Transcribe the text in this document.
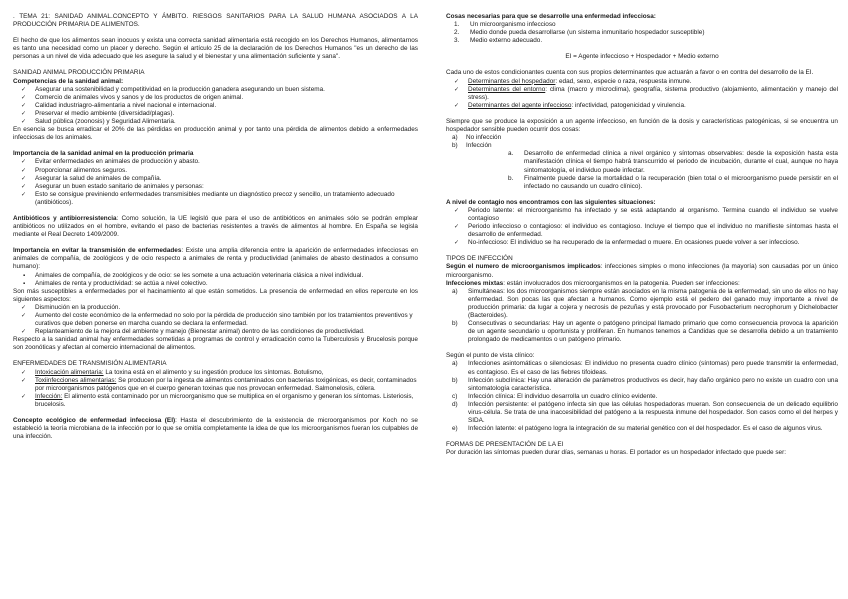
. TEMA 21: SANIDAD ANIMAL.CONCEPTO Y ÁMBITO. RIESGOS SANITARIOS PARA LA SALUD HUMANA ASOCIADOS A LA PRODUCCIÓN PRIMARIA DE ALIMENTOS.

El hecho de que los alimentos sean inocuos y exista una correcta sanidad alimentaria está recogido en los Derechos Humanos, alimentarnos es tanto una necesidad como un placer y derecho. Según el artículo 25 de la declaración de los Derechos Humanos "es un derecho de las personas a un nivel de vida adecuado que les asegure la salud y el bienestar y una alimentación suficiente y sana".

SANIDAD ANIMAL PRODUCCIÓN PRIMARIA

Competencias de la sanidad animal:

✓ Asegurar una sostenibilidad y competitividad en la producción ganadera asegurando un buen sistema.
✓ Comercio de animales vivos y sanos y de los productos de origen animal.
✓ Calidad industriagro-alimentaria a nivel nacional e internacional.
✓ Preservar el medio ambiente (diversidad/plagas).
✓ Salud pública (zoonosis) y Seguridad Alimentaria.

En esencia se busca erradicar el 20% de las pérdidas en producción animal y por tanto una pérdida de alimentos debido a enfermedades infecciosas de los animales.

Importancia de la sanidad animal en la producción primaria

✓ Evitar enfermedades en animales de producción y abasto.
✓ Proporcionar alimentos seguros.
✓ Asegurar la salud de animales de compañía.
✓ Asegurar un buen estado sanitario de animales y personas:
✓ Esto se consigue previniendo enfermedades transmisibles mediante un diagnóstico precoz y sencillo, un tratamiento adecuado (antibióticos).

Antibióticos y antibiorresistencia: Como solución, la UE legisló que para el uso de antibióticos en animales sólo se podrán emplear antibióticos no utilizados en el hombre, evitando el paso de bacterias resistentes a través de alimentos al hombre. En España se legisla mediante el Real Decreto 1409/2009.

Importancia en evitar la transmisión de enfermedades: Existe una amplia diferencia entre la aparición de enfermedades infecciosas en animales de compañía, de zoológicos y de ocio respecto a animales de renta y productividad (animales de abasto destinados a consumo humano):

▪ Animales de compañía, de zoológicos y de ocio: se les somete a una actuación veterinaria clásica a nivel individual.
▪ Animales de renta y productividad: se actúa a nivel colectivo.

Son más susceptibles a enfermedades por el hacinamiento al que están sometidos. La presencia de enfermedad en ellos repercute en los siguientes aspectos:

✓ Disminución en la producción.
✓ Aumento del coste económico de la enfermedad no solo por la pérdida de producción sino también por los tratamientos preventivos y curativos que deben ponerse en marcha cuando se declara la enfermedad.
✓ Replanteamiento de la mejora del ambiente y manejo (Bienestar animal) dentro de las condiciones de productividad.

Respecto a la sanidad animal hay enfermedades sometidas a programas de control y erradicación como la Tuberculosis y Brucelosis porque son zoonóticas y afectan al comercio internacional de alimentos.

ENFERMEDADES DE TRANSMISIÓN ALIMENTARIA

✓ Intoxicación alimentaria: La toxina está en el alimento y su ingestión produce los síntomas. Botulismo,
✓ Toxiinfecciones alimentarias: Se producen por la ingesta de alimentos contaminados con bacterias toxigénicas, es decir, contaminados por microorganismos patógenos que en el cuerpo generan toxinas que nos provocan enfermedad. Salmonelosis, cólera.
✓ Infección: El alimento está contaminado por un microorganismo que se multiplica en el organismo y generan los síntomas. Listeriosis, brucelosis.

Concepto ecológico de enfermedad infecciosa (EI): Hasta el descubrimiento de la existencia de microorganismos por Koch no se estableció la teoría microbiana de la infección por lo que se omitía completamente la idea de que los microorganismos fueran los culpables de una infección.

Cosas necesarias para que se desarrolle una enfermedad infecciosa:

1. Un microorganismo infeccioso
2. Medio donde pueda desarrollarse (un sistema inmunitario hospedador susceptible)
3. Medio externo adecuado.

EI = Agente infeccioso + Hospedador + Medio externo

Cada uno de estos condicionantes cuenta con sus propios determinantes que actuarán a favor o en contra del desarrollo de la EI.

✓ Determinantes del hospedador: edad, sexo, especie o raza, respuesta inmune.
✓ Determinantes del entorno: clima (macro y microclima), geografía, sistema productivo (alojamiento, alimentación y manejo del stress).
✓ Determinantes del agente infeccioso: infectividad, patogenicidad y virulencia.

Siempre que se produce la exposición a un agente infeccioso, en función de la dosis y características patogénicas, si se encuentra un hospedador sensible pueden ocurrir dos cosas:

a) No infección
b) Infección
a. Desarrollo de enfermedad clínica a nivel orgánico y síntomas observables: desde la exposición hasta esta manifestación clínica el tiempo habrá transcurrido el periodo de incubación, durante el cual, aunque no haya sintomatología, el individuo puede infectar.
b. Finalmente puede darse la mortalidad o la recuperación (bien total o el microorganismo puede persistir en el infectado no causando un cuadro clínico).

A nivel de contagio nos encontramos con las siguientes situaciones:

✓ Periodo latente: el microorganismo ha infectado y se está adaptando al organismo. Termina cuando el individuo se vuelve contagioso
✓ Periodo infeccioso o contagioso: el individuo es contagioso. Incluye el tiempo que el individuo no manifieste síntomas hasta el desarrollo de enfermedad.
✓ No-infeccioso: El individuo se ha recuperado de la enfermedad o muere. En ocasiones puede volver a ser infeccioso.

TIPOS DE INFECCIÓN

Según el numero de microorganismos implicados: infecciones simples o mono infecciones (la mayoría) son causadas por un único microorganismo.

Infecciones mixtas: están involucrados dos microorganismos en la patogenia. Pueden ser infecciones:

a) Simultáneas: los dos microorganismos siempre están asociados en la misma patogenia de la enfermedad, sin uno de ellos no hay enfermedad. Son pocas las que afectan a humanos. Como ejemplo está el pedero del ganado muy importante a nivel de producción primaria: da lugar a cojera y necrosis de pezuñas y está provocado por Fusobacterium necrophorum y Dichelobacter (Bacteroides).
b) Consecutivas o secundarias: Hay un agente o patógeno principal llamado primario que como consecuencia provoca la aparición de un agente secundario u oportunista y proliferan. En humanos tenemos a Candidas que se desarrolla debido a un tratamiento prolongado de medicamentos o un patógeno primario.

Según el punto de vista clínico:

a) Infecciones asintomáticas o silenciosas: El individuo no presenta cuadro clínico (síntomas) pero puede transmitir la enfermedad, es contagioso. Es el caso de las fiebres tifoideas.
b) Infección subclínica: Hay una alteración de parámetros productivos es decir, hay daño orgánico pero no existe un cuadro con una sintomatología característica.
c) Infección clínica: El individuo desarrolla un cuadro clínico evidente.
d) Infección persistente: el patógeno infecta sin que las células hospedadoras mueran. Son consecuencia de un delicado equilibrio virus-célula. Se trata de una inaccesibilidad del patógeno a la respuesta inmune del hospedador. Son casos como el del herpes y SIDA.
e) Infección latente: el patógeno logra la integración de su material genético con el del hospedador. Es el caso de algunos virus.

FORMAS DE PRESENTACIÓN DE LA EI

Por duración las síntomas pueden durar días, semanas u horas. El portador es un hospedador infectado que puede ser:
